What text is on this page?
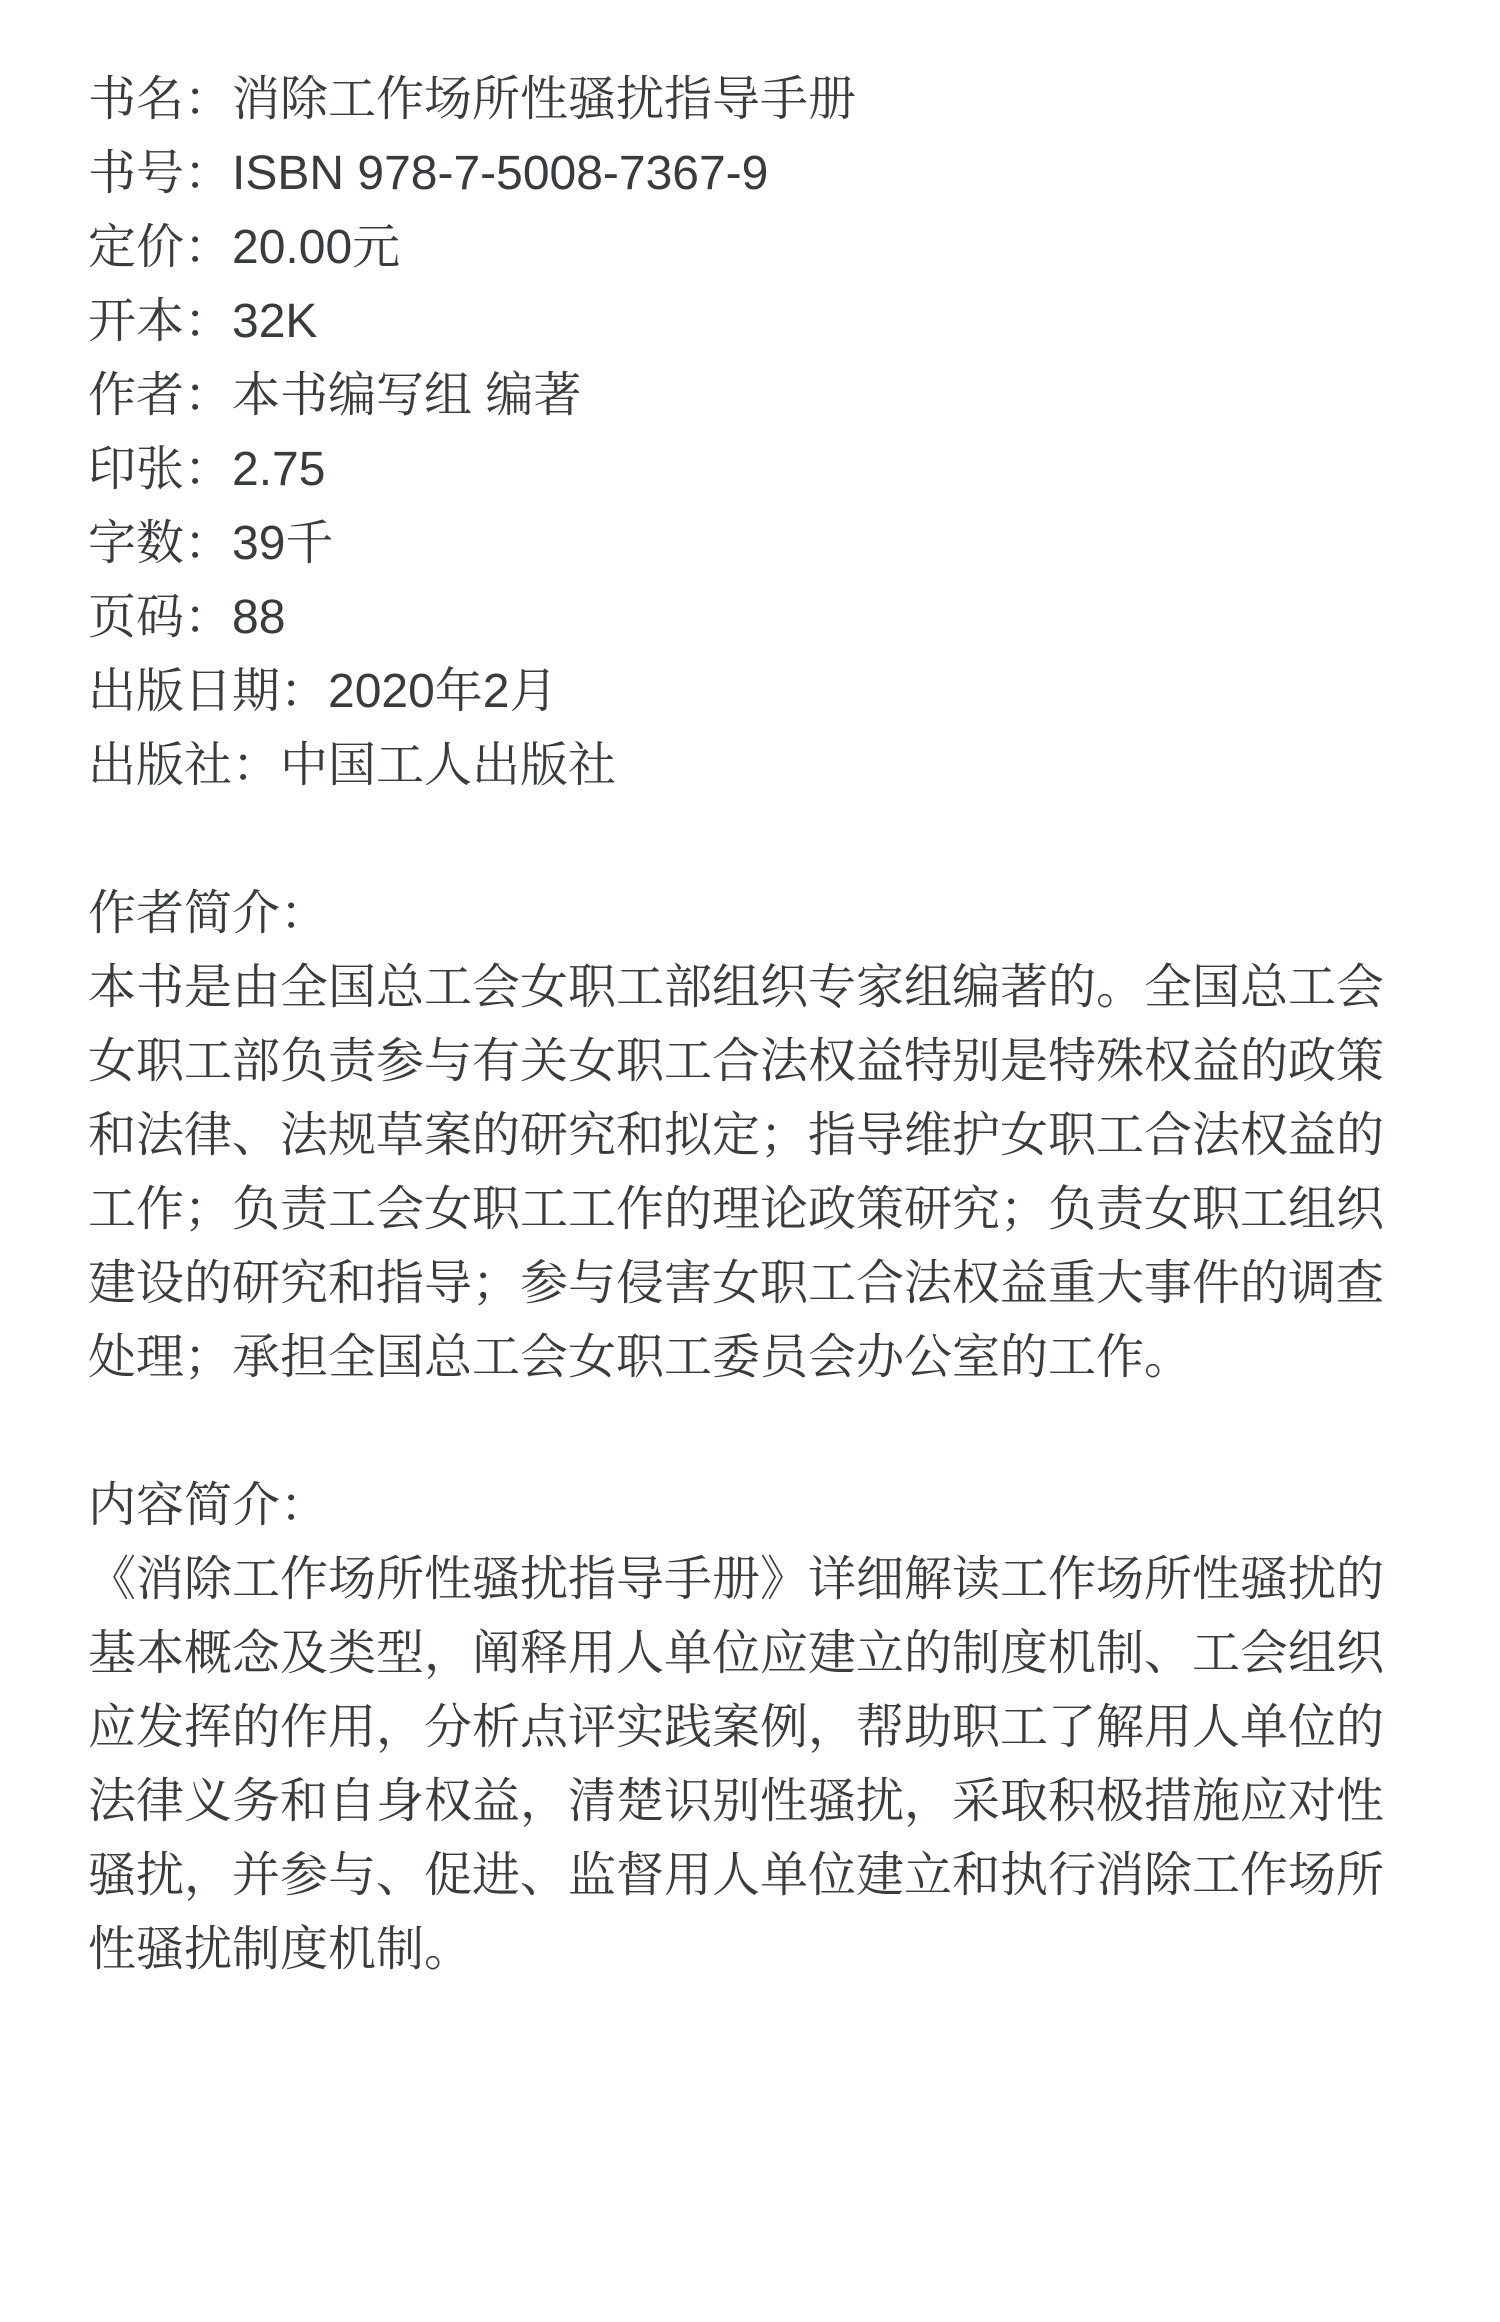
书名：消除工作场所性骚扰指导手册
书号：ISBN 978-7-5008-7367-9
定价：20.00元
开本：32K
作者：本书编写组 编著
印张：2.75
字数：39千
页码：88
出版日期：2020年2月
出版社：中国工人出版社
作者简介：
本书是由全国总工会女职工部组织专家组编著的。全国总工会
女职工部负责参与有关女职工合法权益特别是特殊权益的政策
和法律、法规草案的研究和拟定；指导维护女职工合法权益的
工作；负责工会女职工工作的理论政策研究；负责女职工组织
建设的研究和指导；参与侵害女职工合法权益重大事件的调查
处理；承担全国总工会女职工委员会办公室的工作。
内容简介：
《消除工作场所性骚扰指导手册》详细解读工作场所性骚扰的
基本概念及类型，阐释用人单位应建立的制度机制、工会组织
应发挥的作用，分析点评实践案例，帮助职工了解用人单位的
法律义务和自身权益，清楚识别性骚扰，采取积极措施应对性
骚扰，并参与、促进、监督用人单位建立和执行消除工作场所
性骚扰制度机制。
